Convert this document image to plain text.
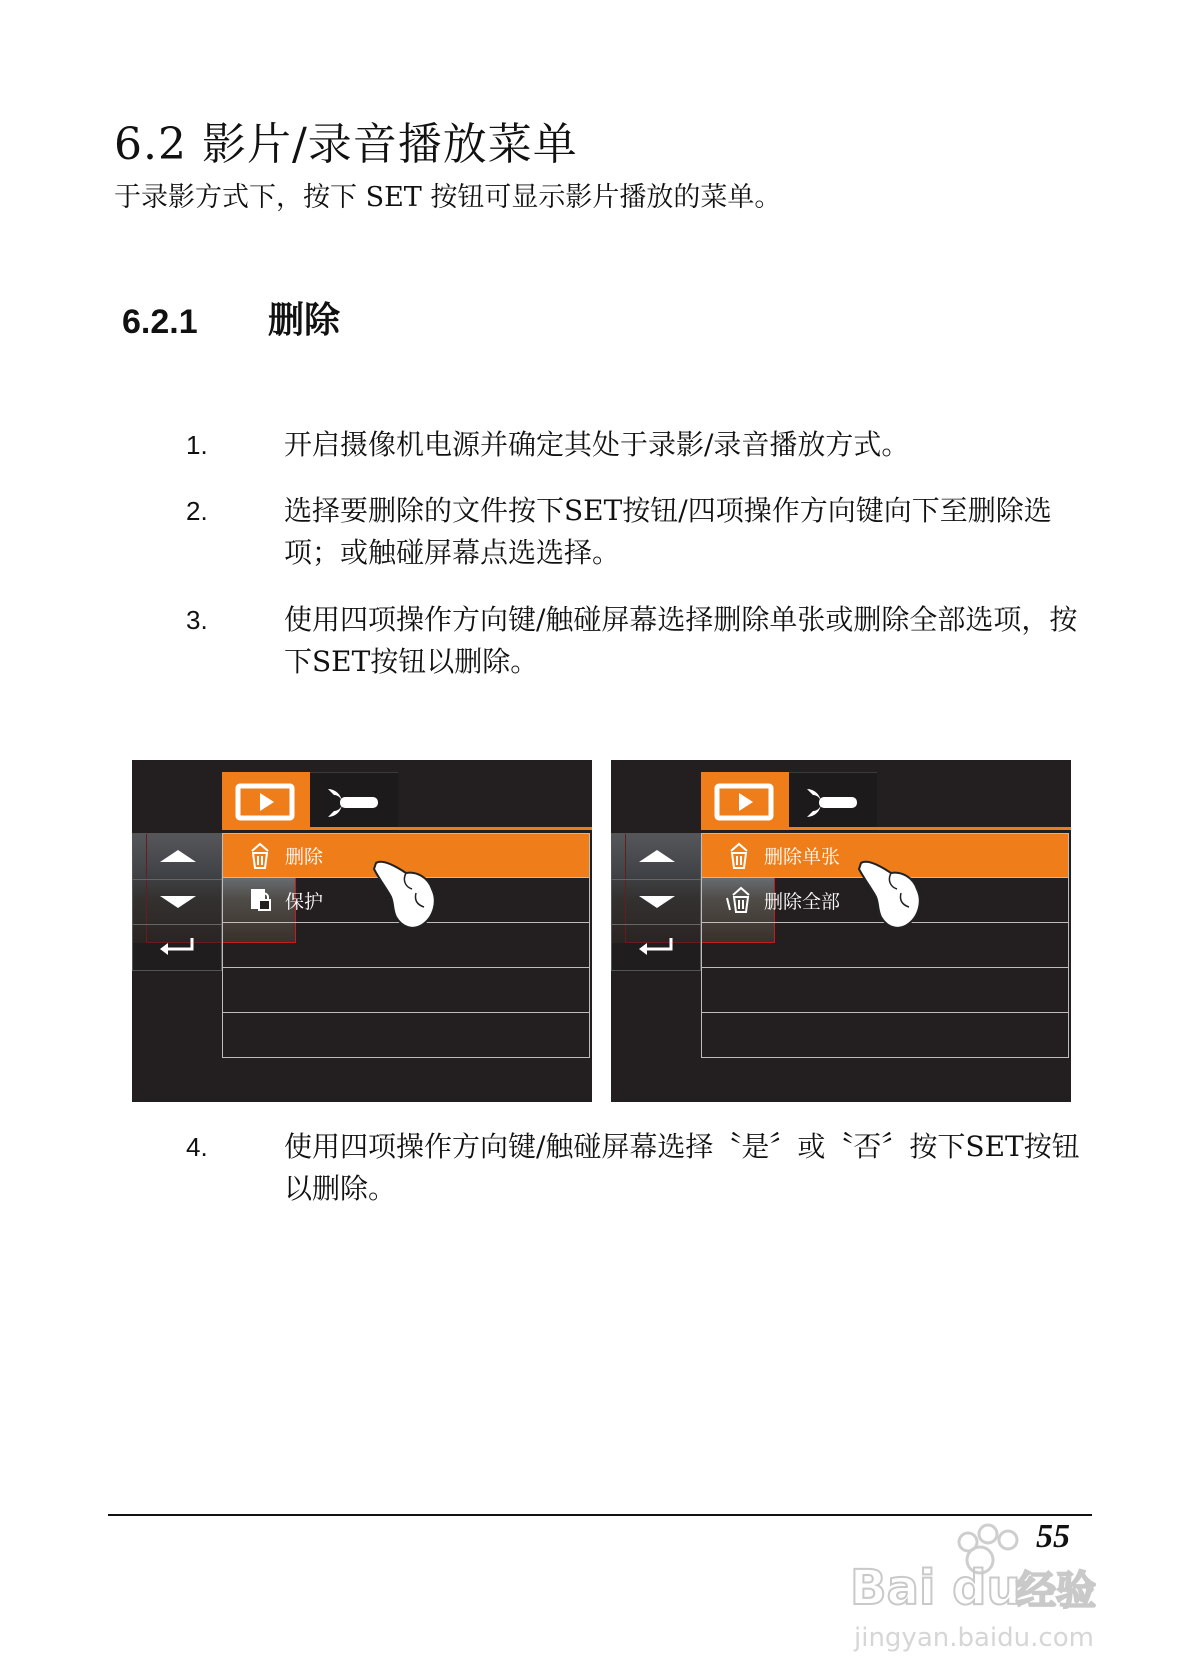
6.2 影片/录音播放菜单
于录影方式下，按下 SET 按钮可显示影片播放的菜单。
6.2.1 删除
1.	开启摄像机电源并确定其处于录影/录音播放方式。
2.	选择要删除的文件按下SET按钮/四项操作方向键向下至删除选项；或触碰屏幕点选选择。
3.	使用四项操作方向键/触碰屏幕选择删除单张或删除全部选项，按下SET按钮以删除。
删除
保护
删除单张
删除全部
4.	使用四项操作方向键/触碰屏幕选择〝是〞或〝否〞按下SET按钮以删除。
55
Bai du
经验
jingyan.baidu.com
